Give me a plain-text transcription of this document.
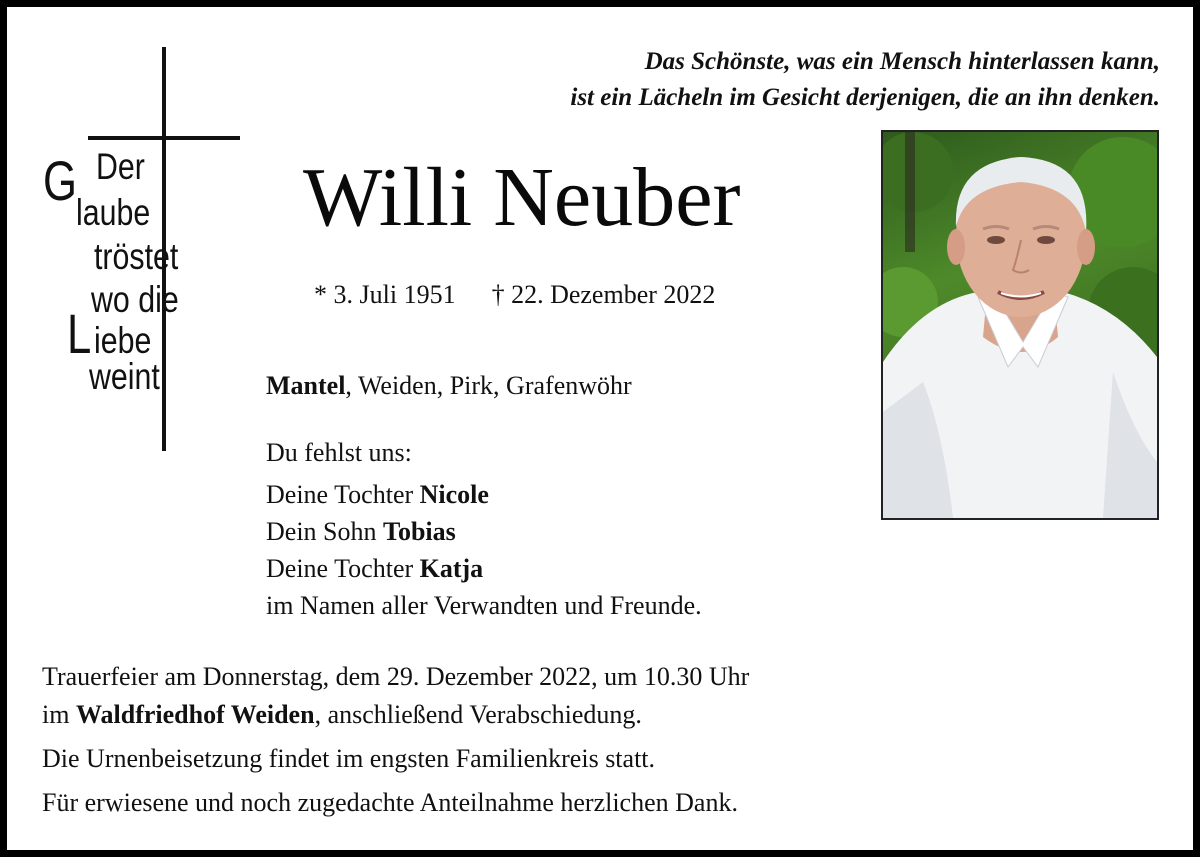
Das Schönste, was ein Mensch hinterlassen kann,
ist ein Lächeln im Gesicht derjenigen, die an ihn denken.
G Der
laube
tröstet
wo die
L iebe
weint
Willi Neuber
* 3. Juli 1951 † 22. Dezember 2022
Mantel, Weiden, Pirk, Grafenwöhr
Du fehlst uns:
Deine Tochter Nicole
Dein Sohn Tobias
Deine Tochter Katja
im Namen aller Verwandten und Freunde.
Trauerfeier am Donnerstag, dem 29. Dezember 2022, um 10.30 Uhr
im Waldfriedhof Weiden, anschließend Verabschiedung.
Die Urnenbeisetzung findet im engsten Familienkreis statt.
Für erwiesene und noch zugedachte Anteilnahme herzlichen Dank.
